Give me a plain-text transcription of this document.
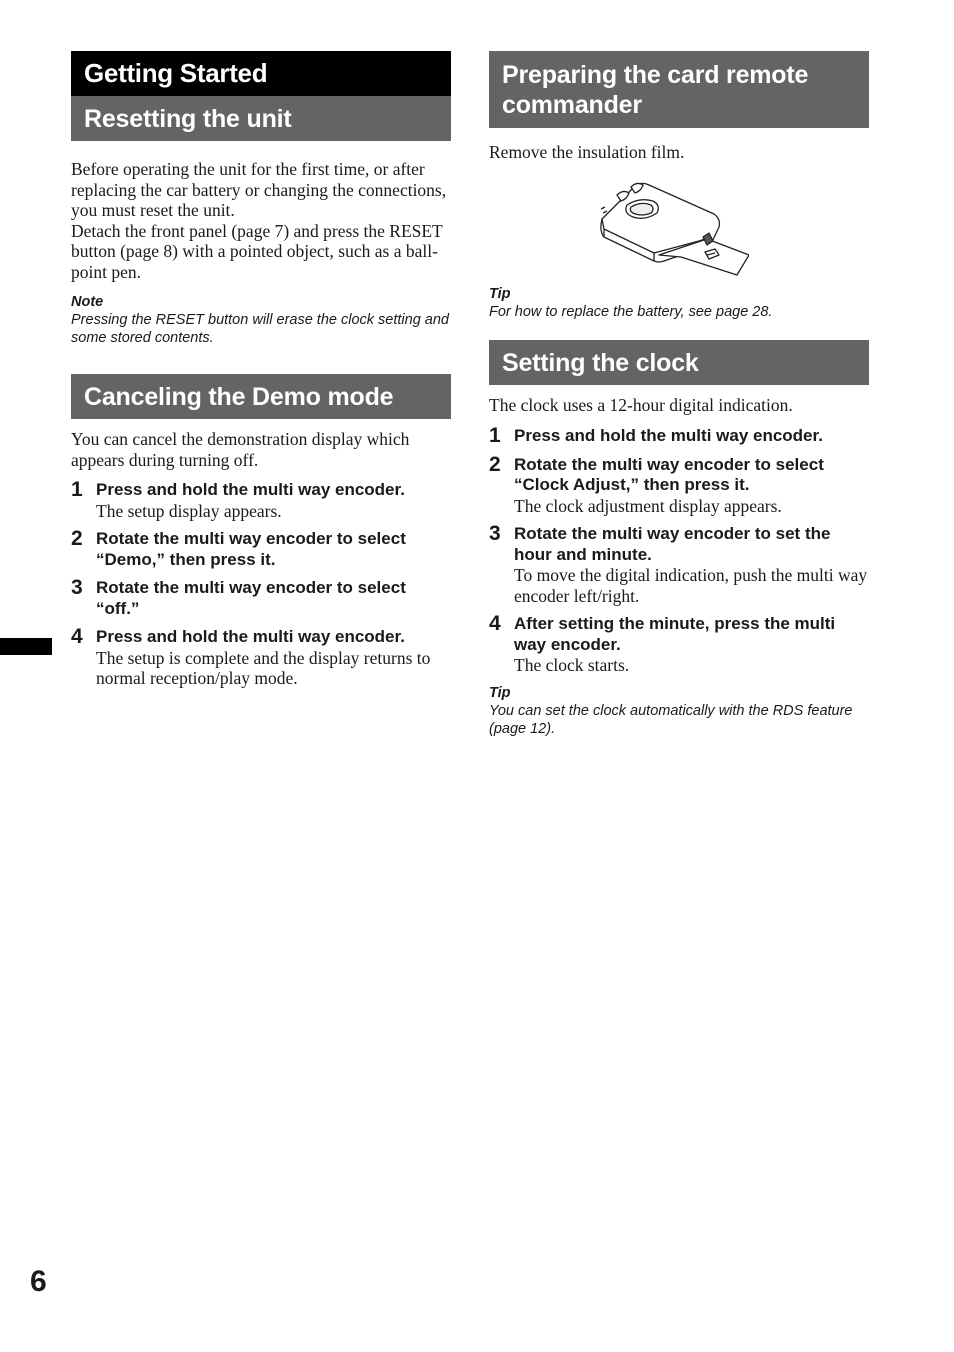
Getting Started
Resetting the unit

Before operating the unit for the first time, or after replacing the car battery or changing the connections, you must reset the unit.

Detach the front panel (page 7) and press the RESET button (page 8) with a pointed object, such as a ball-point pen.

Note
Pressing the RESET button will erase the clock setting and some stored contents.
Canceling the Demo mode

You can cancel the demonstration display which appears during turning off.

1 Press and hold the multi way encoder.
The setup display appears.
2 Rotate the multi way encoder to select “Demo,” then press it.
3 Rotate the multi way encoder to select “off.”
4 Press and hold the multi way encoder.
The setup is complete and the display returns to normal reception/play mode.
Preparing the card remote commander

Remove the insulation film.

Tip
For how to replace the battery, see page 28.
Setting the clock

The clock uses a 12-hour digital indication.

1 Press and hold the multi way encoder.
2 Rotate the multi way encoder to select “Clock Adjust,” then press it.
The clock adjustment display appears.
3 Rotate the multi way encoder to set the hour and minute.
To move the digital indication, push the multi way encoder left/right.
4 After setting the minute, press the multi way encoder.
The clock starts.
Tip
You can set the clock automatically with the RDS feature (page 12).
6
